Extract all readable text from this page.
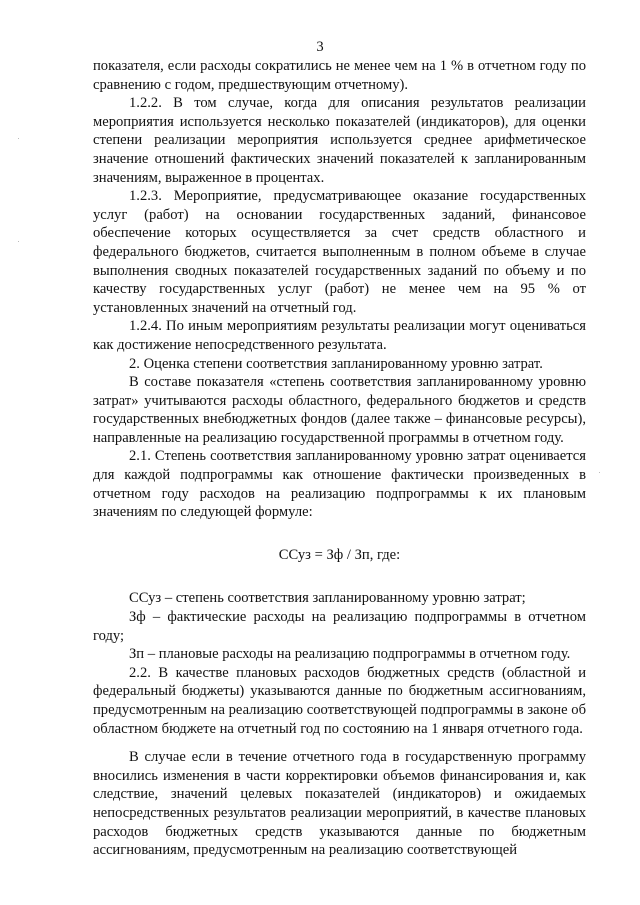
3

показателя, если расходы сократились не менее чем на 1 % в отчетном году по сравнению с годом, предшествующим отчетному).

1.2.2. В том случае, когда для описания результатов реализации мероприятия используется несколько показателей (индикаторов), для оценки степени реализации мероприятия используется среднее арифметическое значение отношений фактических значений показателей к запланированным значениям, выраженное в процентах.

1.2.3. Мероприятие, предусматривающее оказание государственных услуг (работ) на основании государственных заданий, финансовое обеспечение которых осуществляется за счет средств областного и федерального бюджетов, считается выполненным в полном объеме в случае выполнения сводных показателей государственных заданий по объему и по качеству государственных услуг (работ) не менее чем на 95 % от установленных значений на отчетный год.

1.2.4. По иным мероприятиям результаты реализации могут оцениваться как достижение непосредственного результата.

2. Оценка степени соответствия запланированному уровню затрат.

В составе показателя «степень соответствия запланированному уровню затрат» учитываются расходы областного, федерального бюджетов и средств государственных внебюджетных фондов (далее также – финансовые ресурсы), направленные на реализацию государственной программы в отчетном году.

2.1. Степень соответствия запланированному уровню затрат оценивается для каждой подпрограммы как отношение фактически произведенных в отчетном году расходов на реализацию подпрограммы к их плановым значениям по следующей формуле:

ССуз = Зф / Зп, где:

ССуз – степень соответствия запланированному уровню затрат;

Зф – фактические расходы на реализацию подпрограммы в отчетном году;

Зп – плановые расходы на реализацию подпрограммы в отчетном году.

2.2. В качестве плановых расходов бюджетных средств (областной и федеральный бюджеты) указываются данные по бюджетным ассигнованиям, предусмотренным на реализацию соответствующей подпрограммы в законе об областном бюджете на отчетный год по состоянию на 1 января отчетного года.

В случае если в течение отчетного года в государственную программу вносились изменения в части корректировки объемов финансирования и, как следствие, значений целевых показателей (индикаторов) и ожидаемых непосредственных результатов реализации мероприятий, в качестве плановых расходов бюджетных средств указываются данные по бюджетным ассигнованиям, предусмотренным на реализацию соответствующей
